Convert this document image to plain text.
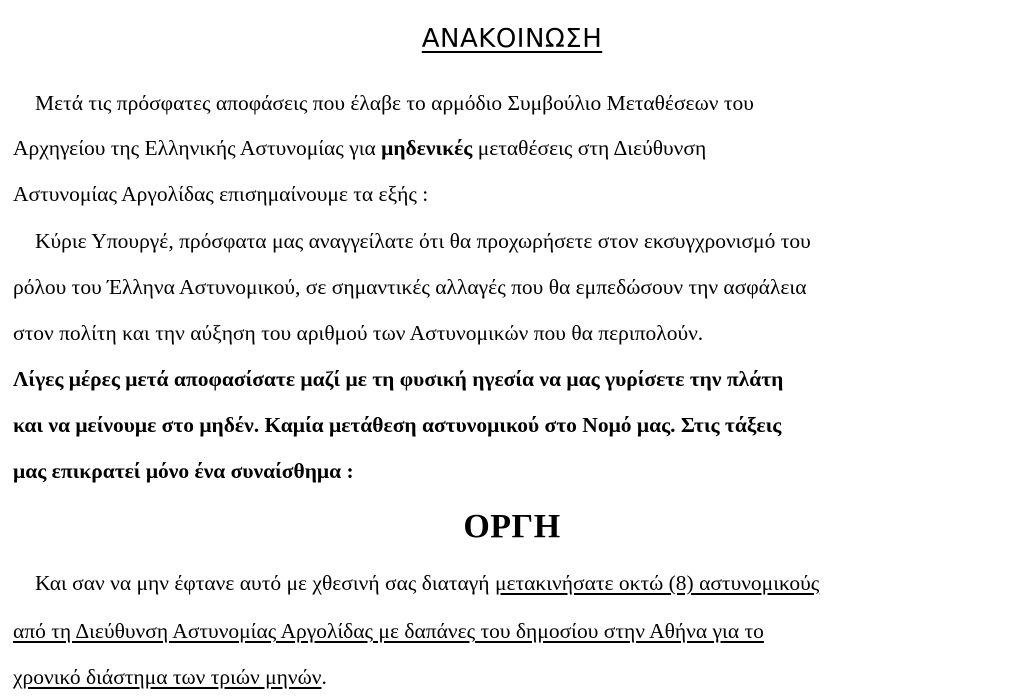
ΑΝΑΚΟΙΝΩΣΗ
Μετά τις πρόσφατες αποφάσεις που έλαβε το αρμόδιο Συμβούλιο Μεταθέσεων του
Αρχηγείου της Ελληνικής Αστυνομίας για μηδενικές μεταθέσεις στη Διεύθυνση
Αστυνομίας Αργολίδας επισημαίνουμε τα εξής :
Κύριε Υπουργέ, πρόσφατα μας αναγγείλατε ότι θα προχωρήσετε στον εκσυγχρονισμό του
ρόλου του Έλληνα Αστυνομικού, σε σημαντικές αλλαγές που θα εμπεδώσουν την ασφάλεια
στον πολίτη και την αύξηση του αριθμού των Αστυνομικών που θα περιπολούν.
Λίγες μέρες μετά αποφασίσατε μαζί με τη φυσική ηγεσία να μας γυρίσετε την πλάτη
και να μείνουμε στο μηδέν. Καμία μετάθεση αστυνομικού στο Νομό μας. Στις τάξεις
μας επικρατεί μόνο ένα συναίσθημα :
ΟΡΓΗ
Και σαν να μην έφτανε αυτό με χθεσινή σας διαταγή μετακινήσατε οκτώ (8) αστυνομικούς
από τη Διεύθυνση Αστυνομίας Αργολίδας με δαπάνες του δημοσίου στην Αθήνα για το
χρονικό διάστημα των τριών μηνών.
